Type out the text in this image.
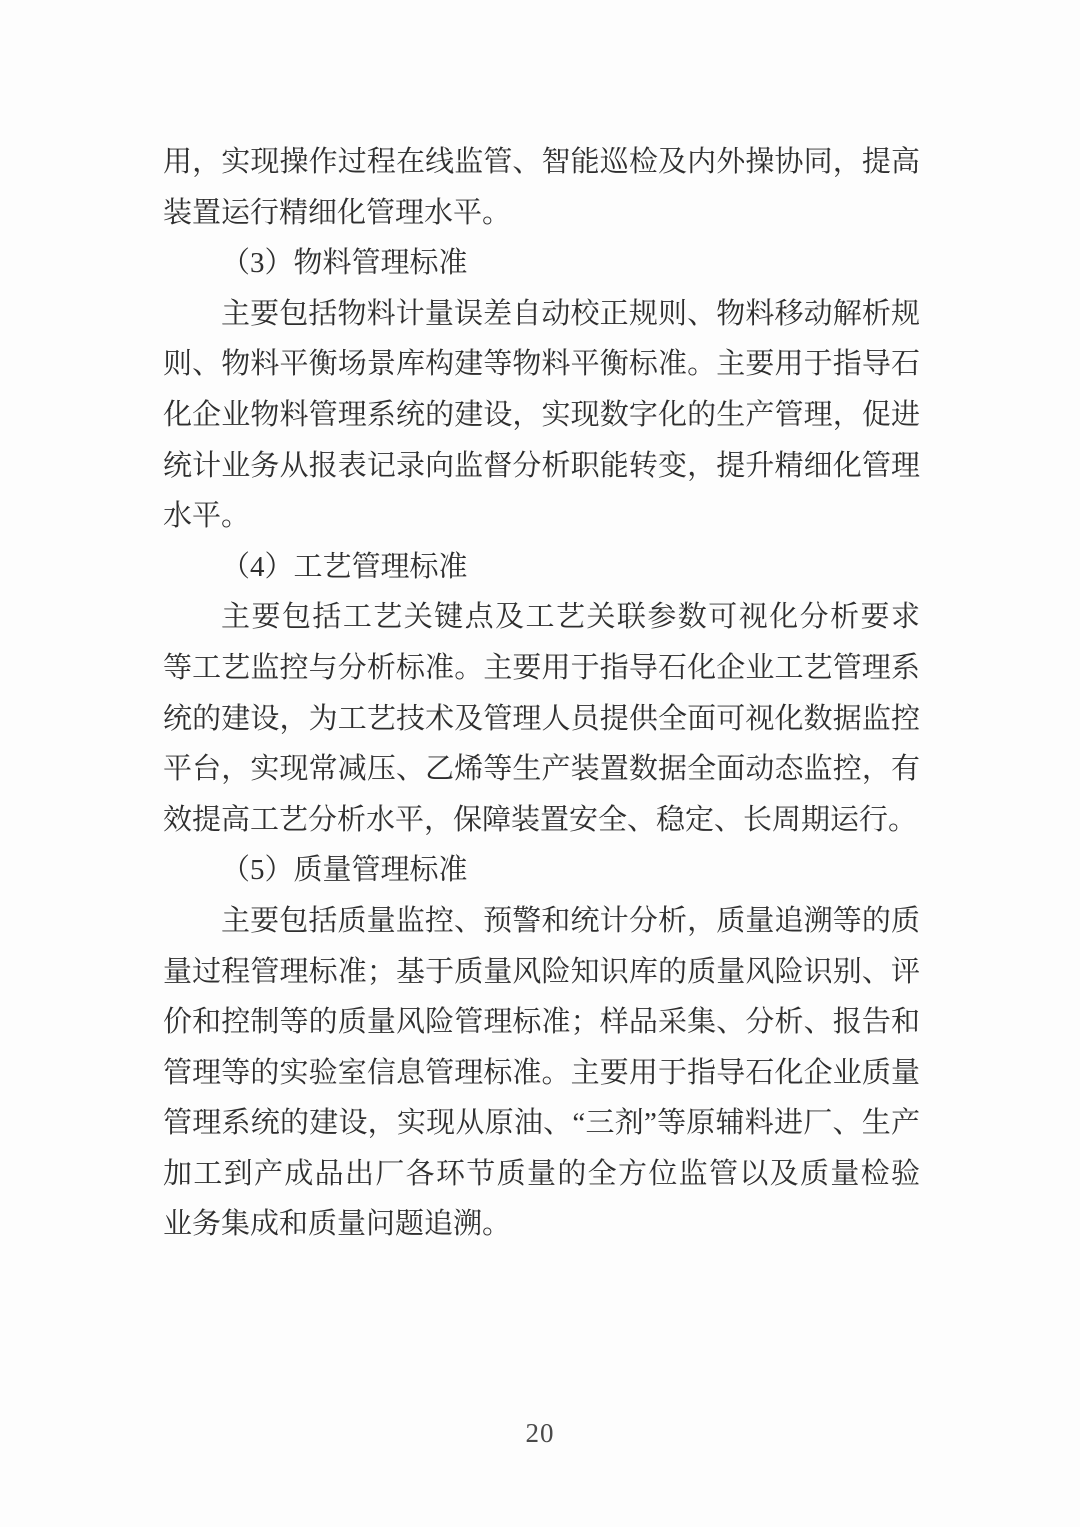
用，实现操作过程在线监管、智能巡检及内外操协同，提高
装置运行精细化管理水平。
（3）物料管理标准
主要包括物料计量误差自动校正规则、物料移动解析规
则、物料平衡场景库构建等物料平衡标准。主要用于指导石
化企业物料管理系统的建设，实现数字化的生产管理，促进
统计业务从报表记录向监督分析职能转变，提升精细化管理
水平。
（4）工艺管理标准
主要包括工艺关键点及工艺关联参数可视化分析要求
等工艺监控与分析标准。主要用于指导石化企业工艺管理系
统的建设，为工艺技术及管理人员提供全面可视化数据监控
平台，实现常减压、乙烯等生产装置数据全面动态监控，有
效提高工艺分析水平，保障装置安全、稳定、长周期运行。
（5）质量管理标准
主要包括质量监控、预警和统计分析，质量追溯等的质
量过程管理标准；基于质量风险知识库的质量风险识别、评
价和控制等的质量风险管理标准；样品采集、分析、报告和
管理等的实验室信息管理标准。主要用于指导石化企业质量
管理系统的建设，实现从原油、“三剂”等原辅料进厂、生产
加工到产成品出厂各环节质量的全方位监管以及质量检验
业务集成和质量问题追溯。
20
